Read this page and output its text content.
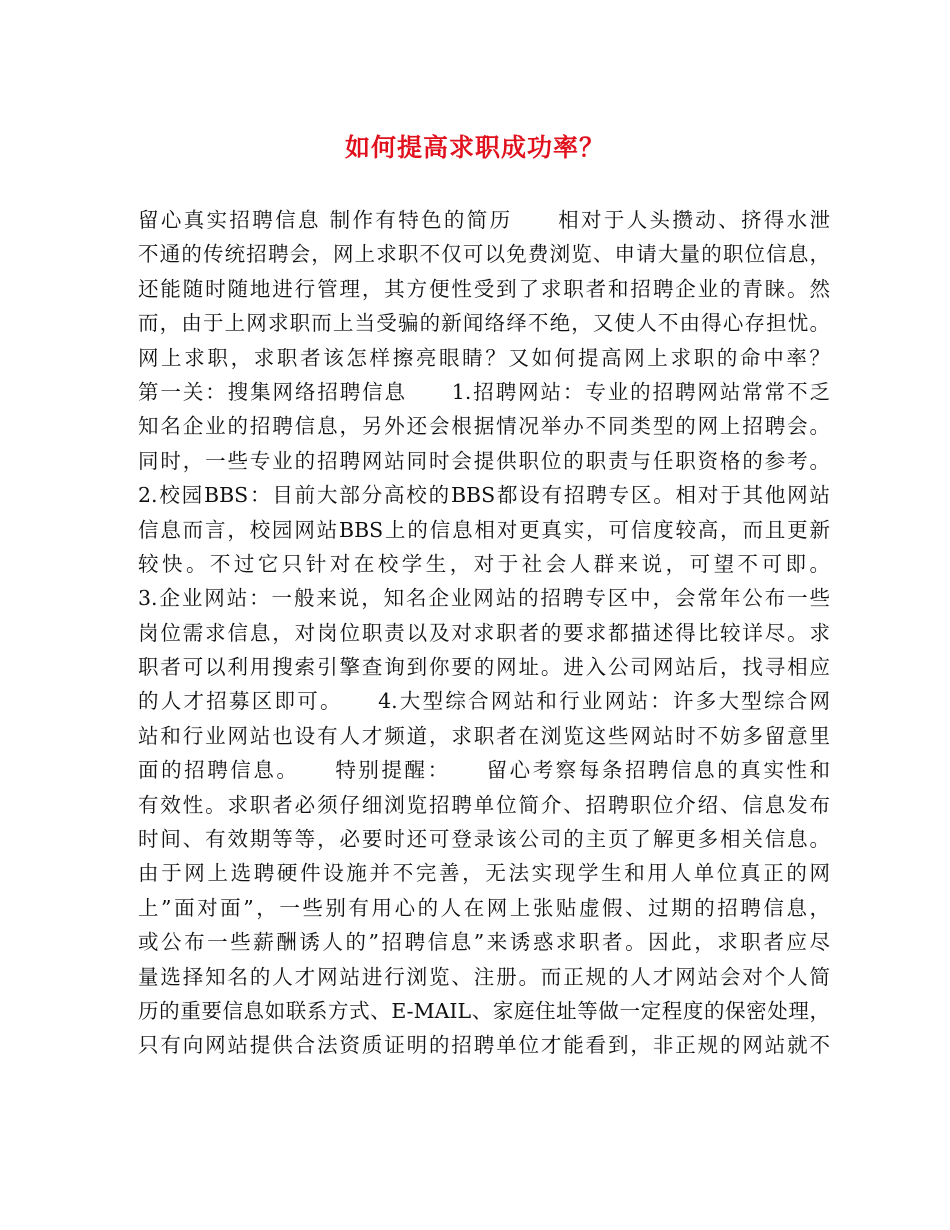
如何提高求职成功率？
留心真实招聘信息 制作有特色的简历　　相对于人头攒动、挤得水泄
不通的传统招聘会，网上求职不仅可以免费浏览、申请大量的职位信息，
还能随时随地进行管理，其方便性受到了求职者和招聘企业的青睐。然
而，由于上网求职而上当受骗的新闻络绎不绝，又使人不由得心存担忧。
网上求职，求职者该怎样擦亮眼睛？又如何提高网上求职的命中率？
第一关：搜集网络招聘信息　　1.招聘网站：专业的招聘网站常常不乏
知名企业的招聘信息，另外还会根据情况举办不同类型的网上招聘会。
同时，一些专业的招聘网站同时会提供职位的职责与任职资格的参考。
2.校园BBS：目前大部分高校的BBS都设有招聘专区。相对于其他网站
信息而言，校园网站BBS上的信息相对更真实，可信度较高，而且更新
较快。不过它只针对在校学生，对于社会人群来说，可望不可即。
3.企业网站：一般来说，知名企业网站的招聘专区中，会常年公布一些
岗位需求信息，对岗位职责以及对求职者的要求都描述得比较详尽。求
职者可以利用搜索引擎查询到你要的网址。进入公司网站后，找寻相应
的人才招募区即可。　　4.大型综合网站和行业网站：许多大型综合网
站和行业网站也设有人才频道，求职者在浏览这些网站时不妨多留意里
面的招聘信息。　　特别提醒：　　留心考察每条招聘信息的真实性和
有效性。求职者必须仔细浏览招聘单位简介、招聘职位介绍、信息发布
时间、有效期等等，必要时还可登录该公司的主页了解更多相关信息。
由于网上选聘硬件设施并不完善，无法实现学生和用人单位真正的网
上”面对面”，一些别有用心的人在网上张贴虚假、过期的招聘信息，
或公布一些薪酬诱人的”招聘信息”来诱惑求职者。因此，求职者应尽
量选择知名的人才网站进行浏览、注册。而正规的人才网站会对个人简
历的重要信息如联系方式、E-MAIL、家庭住址等做一定程度的保密处理，
只有向网站提供合法资质证明的招聘单位才能看到，非正规的网站就不
